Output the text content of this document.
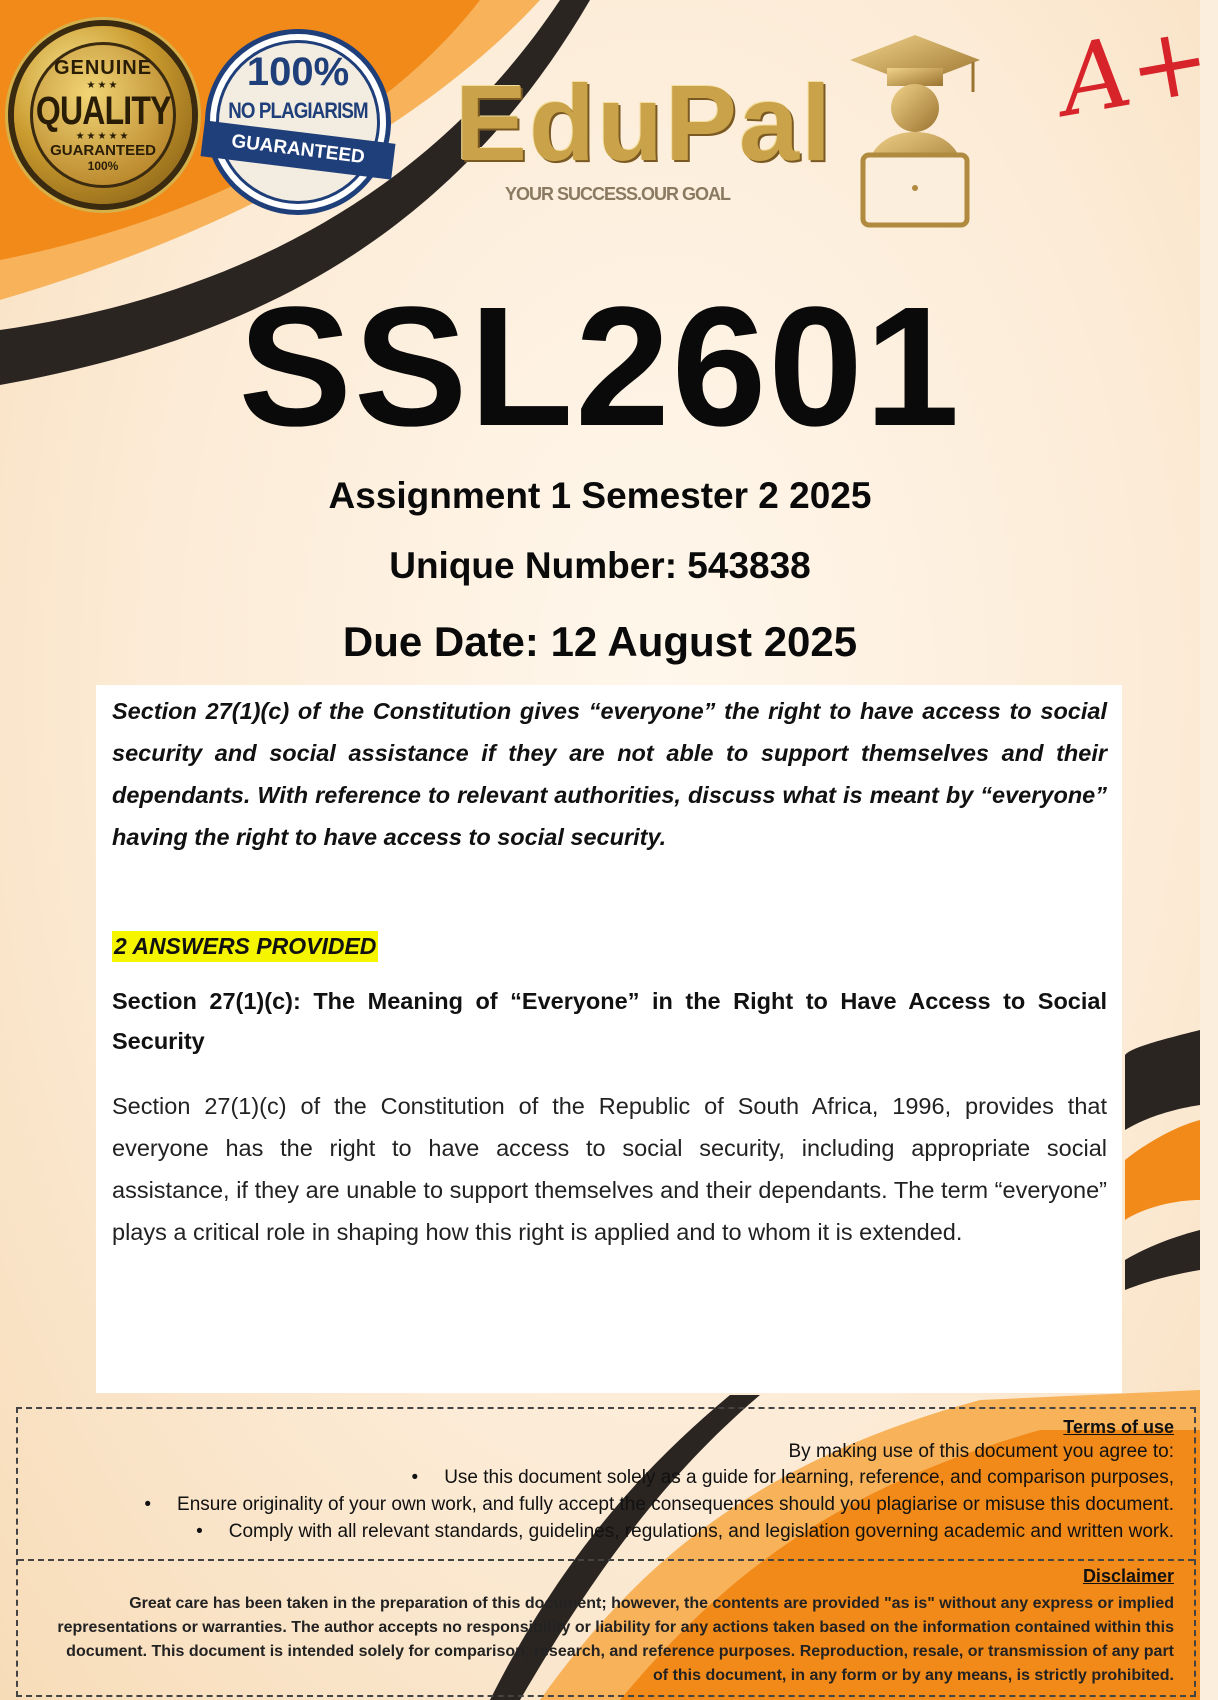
GENUINE
★★★
QUALITY
★★★★★
GUARANTEED
100%
100%
NO PLAGIARISM
GUARANTEED EduPal
YOUR SUCCESS.OUR GOAL
A+
SSL2601
Assignment 1 Semester 2 2025
Unique Number: 543838
Due Date: 12 August 2025
Section 27(1)(c) of the Constitution gives “everyone” the right to have access to social security and social assistance if they are not able to support themselves and their dependants. With reference to relevant authorities, discuss what is meant by “everyone” having the right to have access to social security.
2 ANSWERS PROVIDED
Section 27(1)(c): The Meaning of “Everyone” in the Right to Have Access to Social Security
Section 27(1)(c) of the Constitution of the Republic of South Africa, 1996, provides that everyone has the right to have access to social security, including appropriate social assistance, if they are unable to support themselves and their dependants. The term “everyone” plays a critical role in shaping how this right is applied and to whom it is extended.
Terms of use
By making use of this document you agree to:
• Use this document solely as a guide for learning, reference, and comparison purposes,
• Ensure originality of your own work, and fully accept the consequences should you plagiarise or misuse this document.
• Comply with all relevant standards, guidelines, regulations, and legislation governing academic and written work.
Disclaimer
Great care has been taken in the preparation of this document; however, the contents are provided "as is" without any express or implied representations or warranties. The author accepts no responsibility or liability for any actions taken based on the information contained within this document. This document is intended solely for comparison, research, and reference purposes. Reproduction, resale, or transmission of any part of this document, in any form or by any means, is strictly prohibited.
